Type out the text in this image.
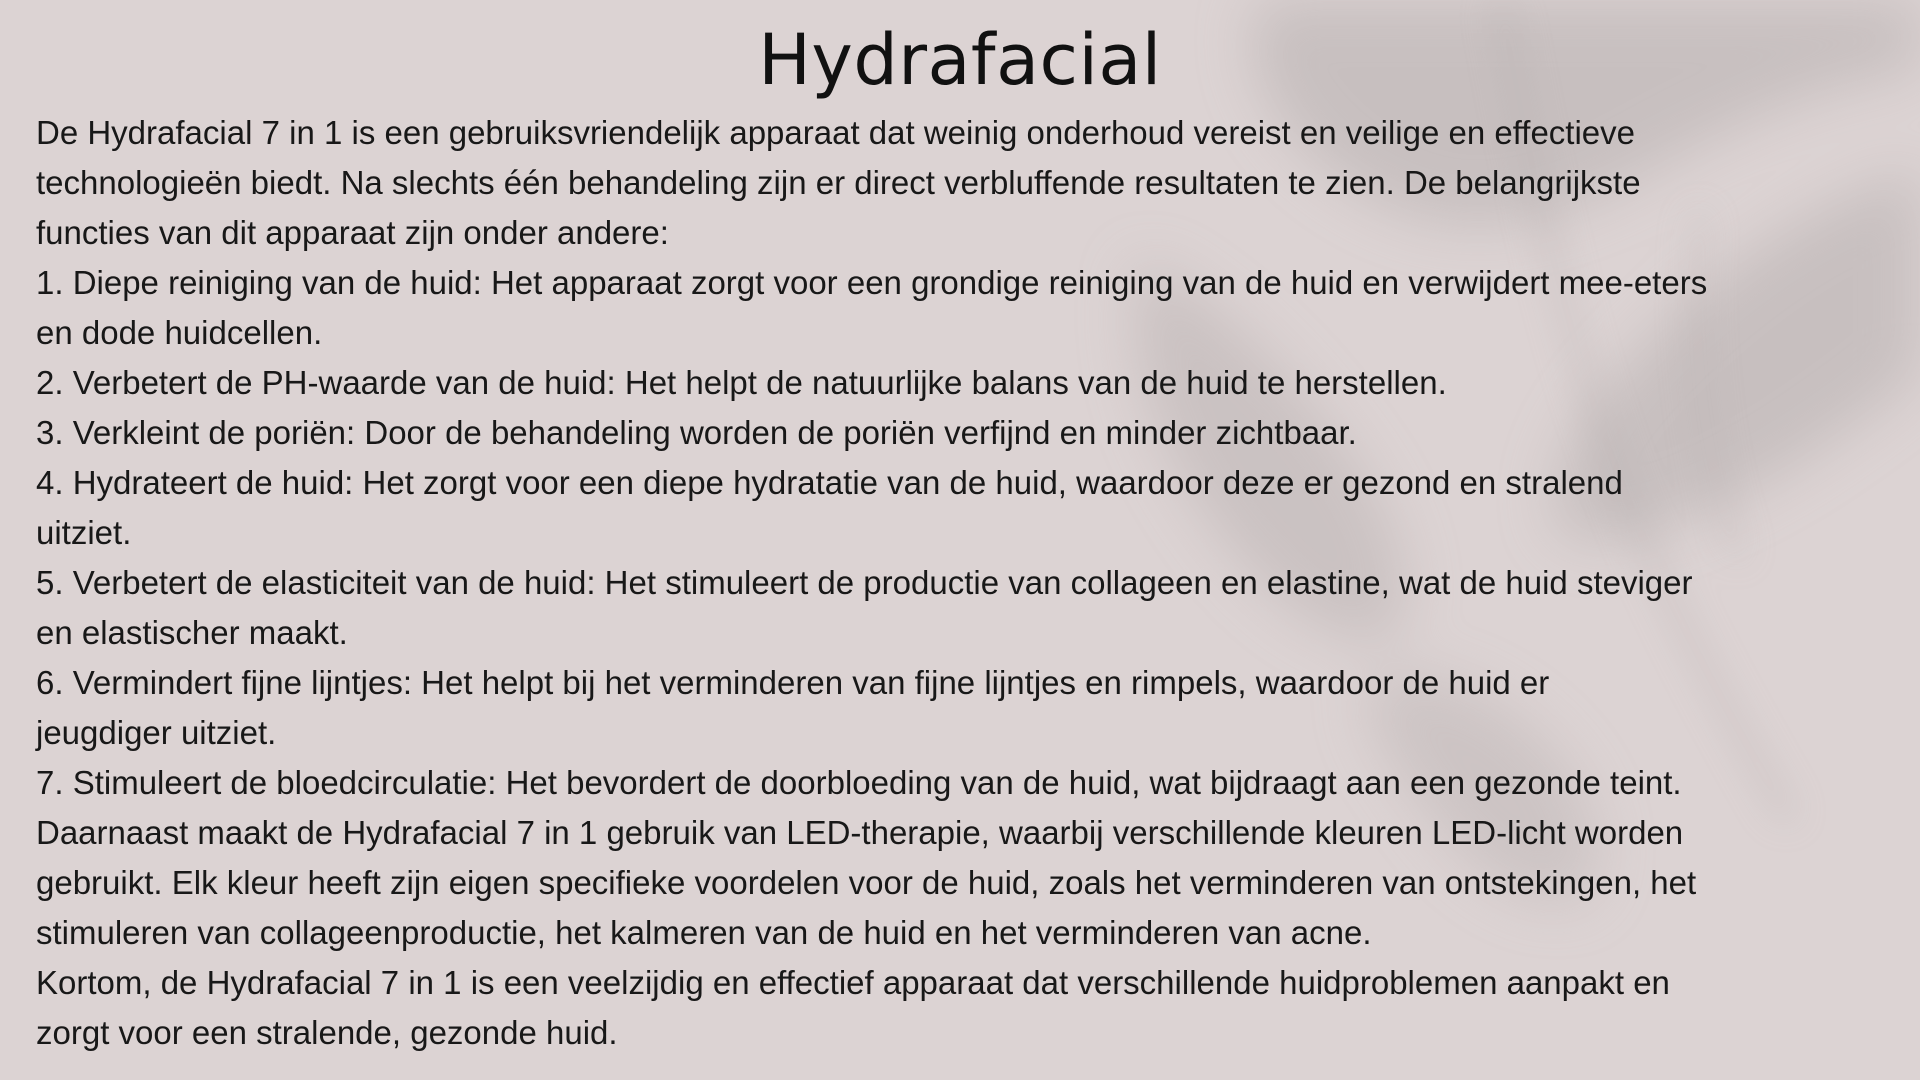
Hydrafacial

De Hydrafacial 7 in 1 is een gebruiksvriendelijk apparaat dat weinig onderhoud vereist en veilige en effectieve
technologieën biedt. Na slechts één behandeling zijn er direct verbluffende resultaten te zien. De belangrijkste
functies van dit apparaat zijn onder andere:

1. Diepe reiniging van de huid: Het apparaat zorgt voor een grondige reiniging van de huid en verwijdert mee-eters
en dode huidcellen.

2. Verbetert de PH-waarde van de huid: Het helpt de natuurlijke balans van de huid te herstellen.

3. Verkleint de poriën: Door de behandeling worden de poriën verfijnd en minder zichtbaar.

4. Hydrateert de huid: Het zorgt voor een diepe hydratatie van de huid, waardoor deze er gezond en stralend
uitziet.

5. Verbetert de elasticiteit van de huid: Het stimuleert de productie van collageen en elastine, wat de huid steviger
en elastischer maakt.

6. Vermindert fijne lijntjes: Het helpt bij het verminderen van fijne lijntjes en rimpels, waardoor de huid er
jeugdiger uitziet.

7. Stimuleert de bloedcirculatie: Het bevordert de doorbloeding van de huid, wat bijdraagt aan een gezonde teint.

Daarnaast maakt de Hydrafacial 7 in 1 gebruik van LED-therapie, waarbij verschillende kleuren LED-licht worden
gebruikt. Elk kleur heeft zijn eigen specifieke voordelen voor de huid, zoals het verminderen van ontstekingen, het
stimuleren van collageenproductie, het kalmeren van de huid en het verminderen van acne.

Kortom, de Hydrafacial 7 in 1 is een veelzijdig en effectief apparaat dat verschillende huidproblemen aanpakt en
zorgt voor een stralende, gezonde huid.
